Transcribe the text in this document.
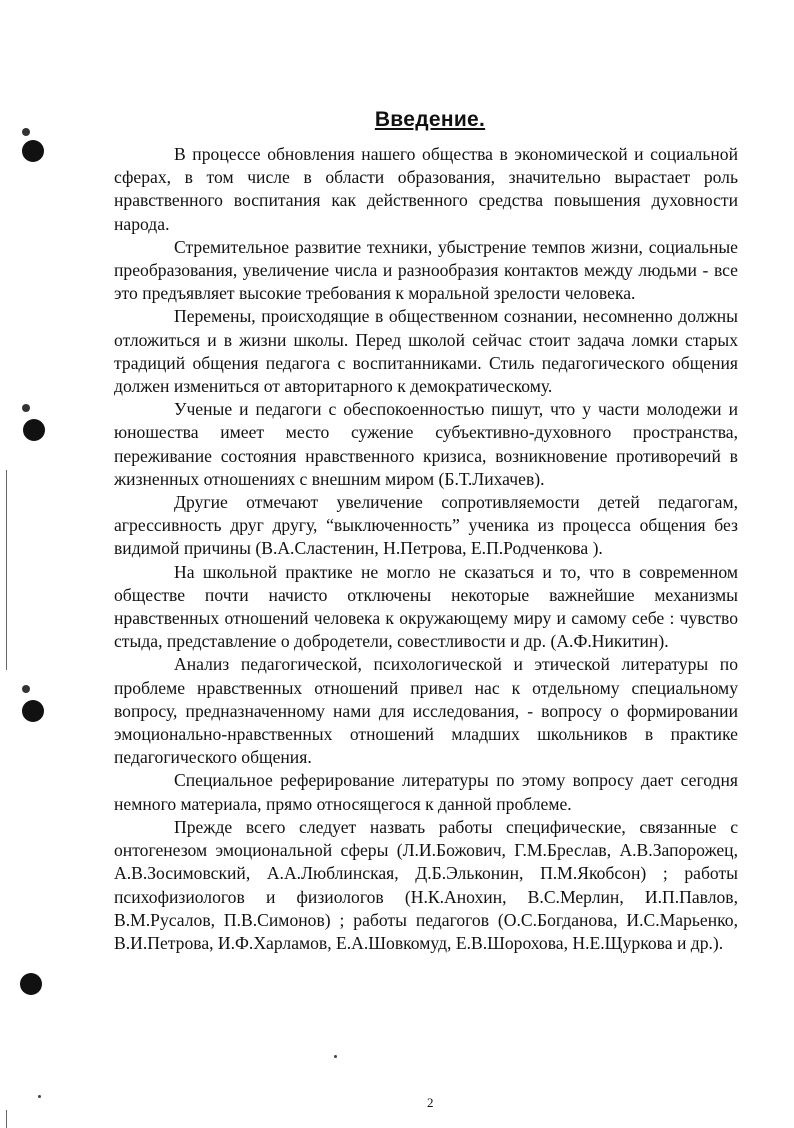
Введение.

В процессе обновления нашего общества в экономической и социальной сферах, в том числе в области образования, значительно вырастает роль нравственного воспитания как действенного средства повышения духовности народа.

Стремительное развитие техники, убыстрение темпов жизни, социальные преобразования, увеличение числа и разнообразия контактов между людьми - все это предъявляет высокие требования к моральной зрелости человека.

Перемены, происходящие в общественном сознании, несомненно должны отложиться и в жизни школы. Перед школой сейчас стоит задача ломки старых традиций общения педагога с воспитанниками. Стиль педагогического общения должен измениться от авторитарного к демократическому.

Ученые и педагоги с обеспокоенностью пишут, что у части молодежи и юношества имеет место сужение субъективно-духовного пространства, переживание состояния нравственного кризиса, возникновение противоречий в жизненных отношениях с внешним миром (Б.Т.Лихачев).

Другие отмечают увеличение сопротивляемости детей педагогам, агрессивность друг другу, “выключенность” ученика из процесса общения без видимой причины (В.А.Сластенин, Н.Петрова, Е.П.Родченкова ).

На школьной практике не могло не сказаться и то, что в современном обществе почти начисто отключены некоторые важнейшие механизмы нравственных отношений человека к окружающему миру и самому себе : чувство стыда, представление о добродетели, совестливости и др. (А.Ф.Никитин).

Анализ педагогической, психологической и этической литературы по проблеме нравственных отношений привел нас к отдельному специальному вопросу, предназначенному нами для исследования, - вопросу о формировании эмоционально-нравственных отношений младших школьников в практике педагогического общения.

Специальное реферирование литературы по этому вопросу дает сегодня немного материала, прямо относящегося к данной проблеме.

Прежде всего следует назвать работы специфические, связанные с онтогенезом эмоциональной сферы (Л.И.Божович, Г.М.Бреслав, А.В.Запорожец, А.В.Зосимовский, А.А.Люблинская, Д.Б.Эльконин, П.М.Якобсон) ; работы психофизиологов и физиологов (Н.К.Анохин, В.С.Мерлин, И.П.Павлов, В.М.Русалов, П.В.Симонов) ; работы педагогов (О.С.Богданова, И.С.Марьенко, В.И.Петрова, И.Ф.Харламов, Е.А.Шовкомуд, Е.В.Шорохова, Н.Е.Щуркова и др.).

2
